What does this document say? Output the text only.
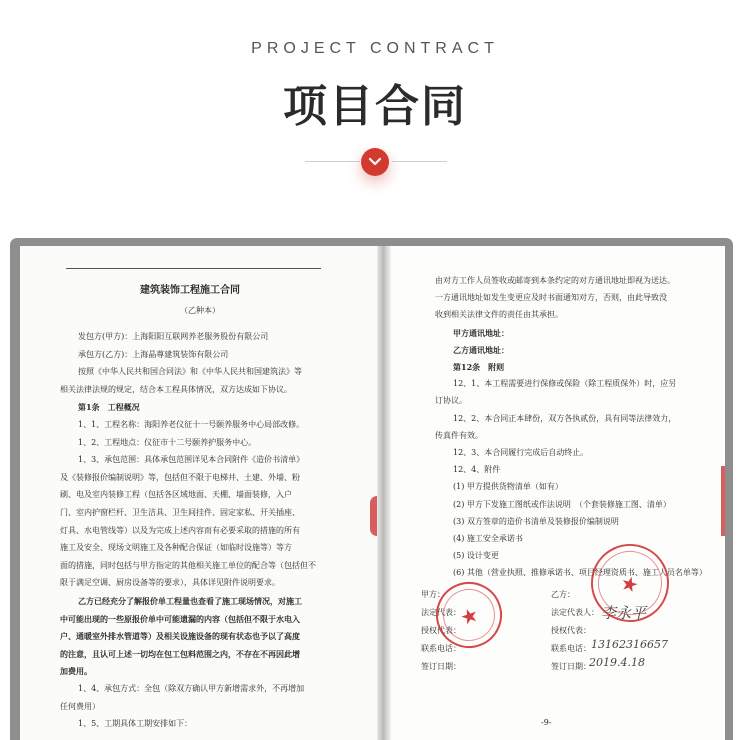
PROJECT CONTRACT
项目合同
建筑装饰工程施工合同
（乙种本）
发包方(甲方)：上海阳阳互联网养老服务股份有限公司
承包方(乙方)：上海晶尊建筑装饰有限公司
按照《中华人民共和国合同法》和《中华人民共和国建筑法》等
相关法律法规的规定，结合本工程具体情况，双方达成如下协议。
第1条　工程概况
1、1、工程名称：海阳养老仪征十一号颐养服务中心局部改修。
1、2、工程地点：仪征市十二号颐养护服务中心。
1、3、承包范围：具体承包范围详见本合同附件《造价书清单》
及《装修报价编制说明》等，包括但不限于电梯井、土建、外墙、粉
刷、电及室内装修工程（包括各区域地面、天棚、墙面装修，入户
门、室内护窗栏杆、卫生洁具、卫生间挂件、固定家私、开关插座、
灯具、水电管线等）以及为完成上述内容而有必要采取的措施的所有
施工及安全、现场文明施工及各种配合保证（如临时设施等）等方
面的措施，同时包括与甲方指定的其他相关施工单位的配合等（包括但不
限于满足空调、厨房设备等的要求），具体详见附件说明要求。
乙方已经充分了解报价单工程量也查看了施工现场情况，对施工
中可能出现的一些原报价单中可能遗漏的内容（包括但不限于水电入
户、通暖室外排水管道等）及相关设施设备的现有状态也予以了高度
的注意，且认可上述一切均在包工包料范围之内，不存在不再因此增
加费用。
1、4、承包方式：全包（除双方确认甲方新增需求外，不再增加
任何费用）
1、5、工期具体工期安排如下：
由对方工作人员签收或邮寄到本条约定的对方通讯地址即视为送达。
一方通讯地址如发生变更应及时书面通知对方，否则，由此导致没
收到相关法律文件的责任由其承担。
甲方通讯地址：
乙方通讯地址：
第12条　附则
12、1、本工程需要进行保修或保险（除工程质保外）时，应另
订协议。
12、2、本合同正本肆份，双方各执贰份，具有同等法律效力，
传真件有效。
12、3、本合同履行完成后自动终止。
12、4、附件
(1) 甲方提供货物清单（如有）
(2) 甲方下发施工图纸或作法说明　（个套装修施工图、清单）
(3) 双方签章的造价书清单及装修报价编制说明
(4) 施工安全承诺书
(5) 设计变更
(6) 其他（营业执照、推修承诺书、项目经理资质书、施工人员名单等）
甲方：
法定代表：
授权代表：
联系电话：
签订日期：
乙方：
法定代表人：
授权代表：
联系电话：
签订日期：
李永平
13162316657
2019.4.18
★
★
-9-
